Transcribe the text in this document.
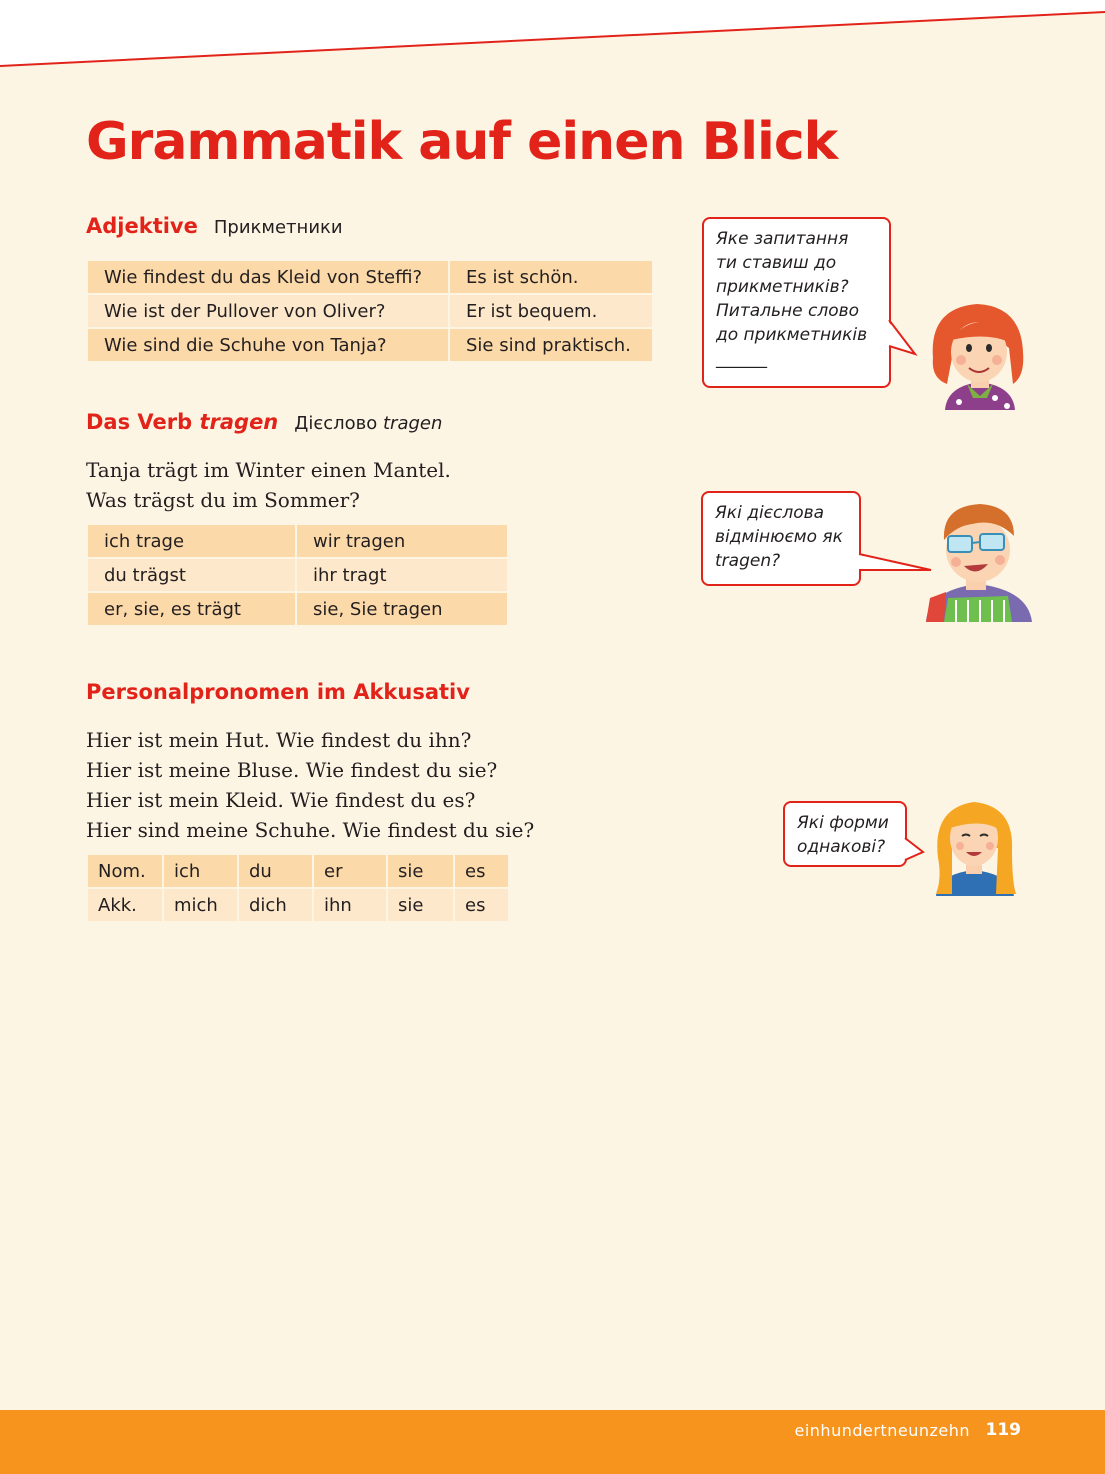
Grammatik auf einen Blick
Adjektive Прикметники
Wie findest du das Kleid von Steffi?	Es ist schön.
Wie ist der Pullover von Oliver?	Er ist bequem.
Wie sind die Schuhe von Tanja?	Sie sind praktisch.
Das Verb tragen Дієслово tragen
Tanja trägt im Winter einen Mantel.
Was trägst du im Sommer?
ich trage	wir tragen
du trägst	ihr tragt
er, sie, es trägt	sie, Sie tragen
Personalpronomen im Akkusativ
Hier ist mein Hut. Wie findest du ihn?
Hier ist meine Bluse. Wie findest du sie?
Hier ist mein Kleid. Wie findest du es?
Hier sind meine Schuhe. Wie findest du sie?
Nom.	ich	du	er	sie	es
Akk.	mich	dich	ihn	sie	es
Яке запитання
ти ставиш до
прикметників?
Питальне слово
до прикметників
______
Які дієслова
відмінюємо як
tragen?
Які форми
однакові?
einhundertneunzehn 119
